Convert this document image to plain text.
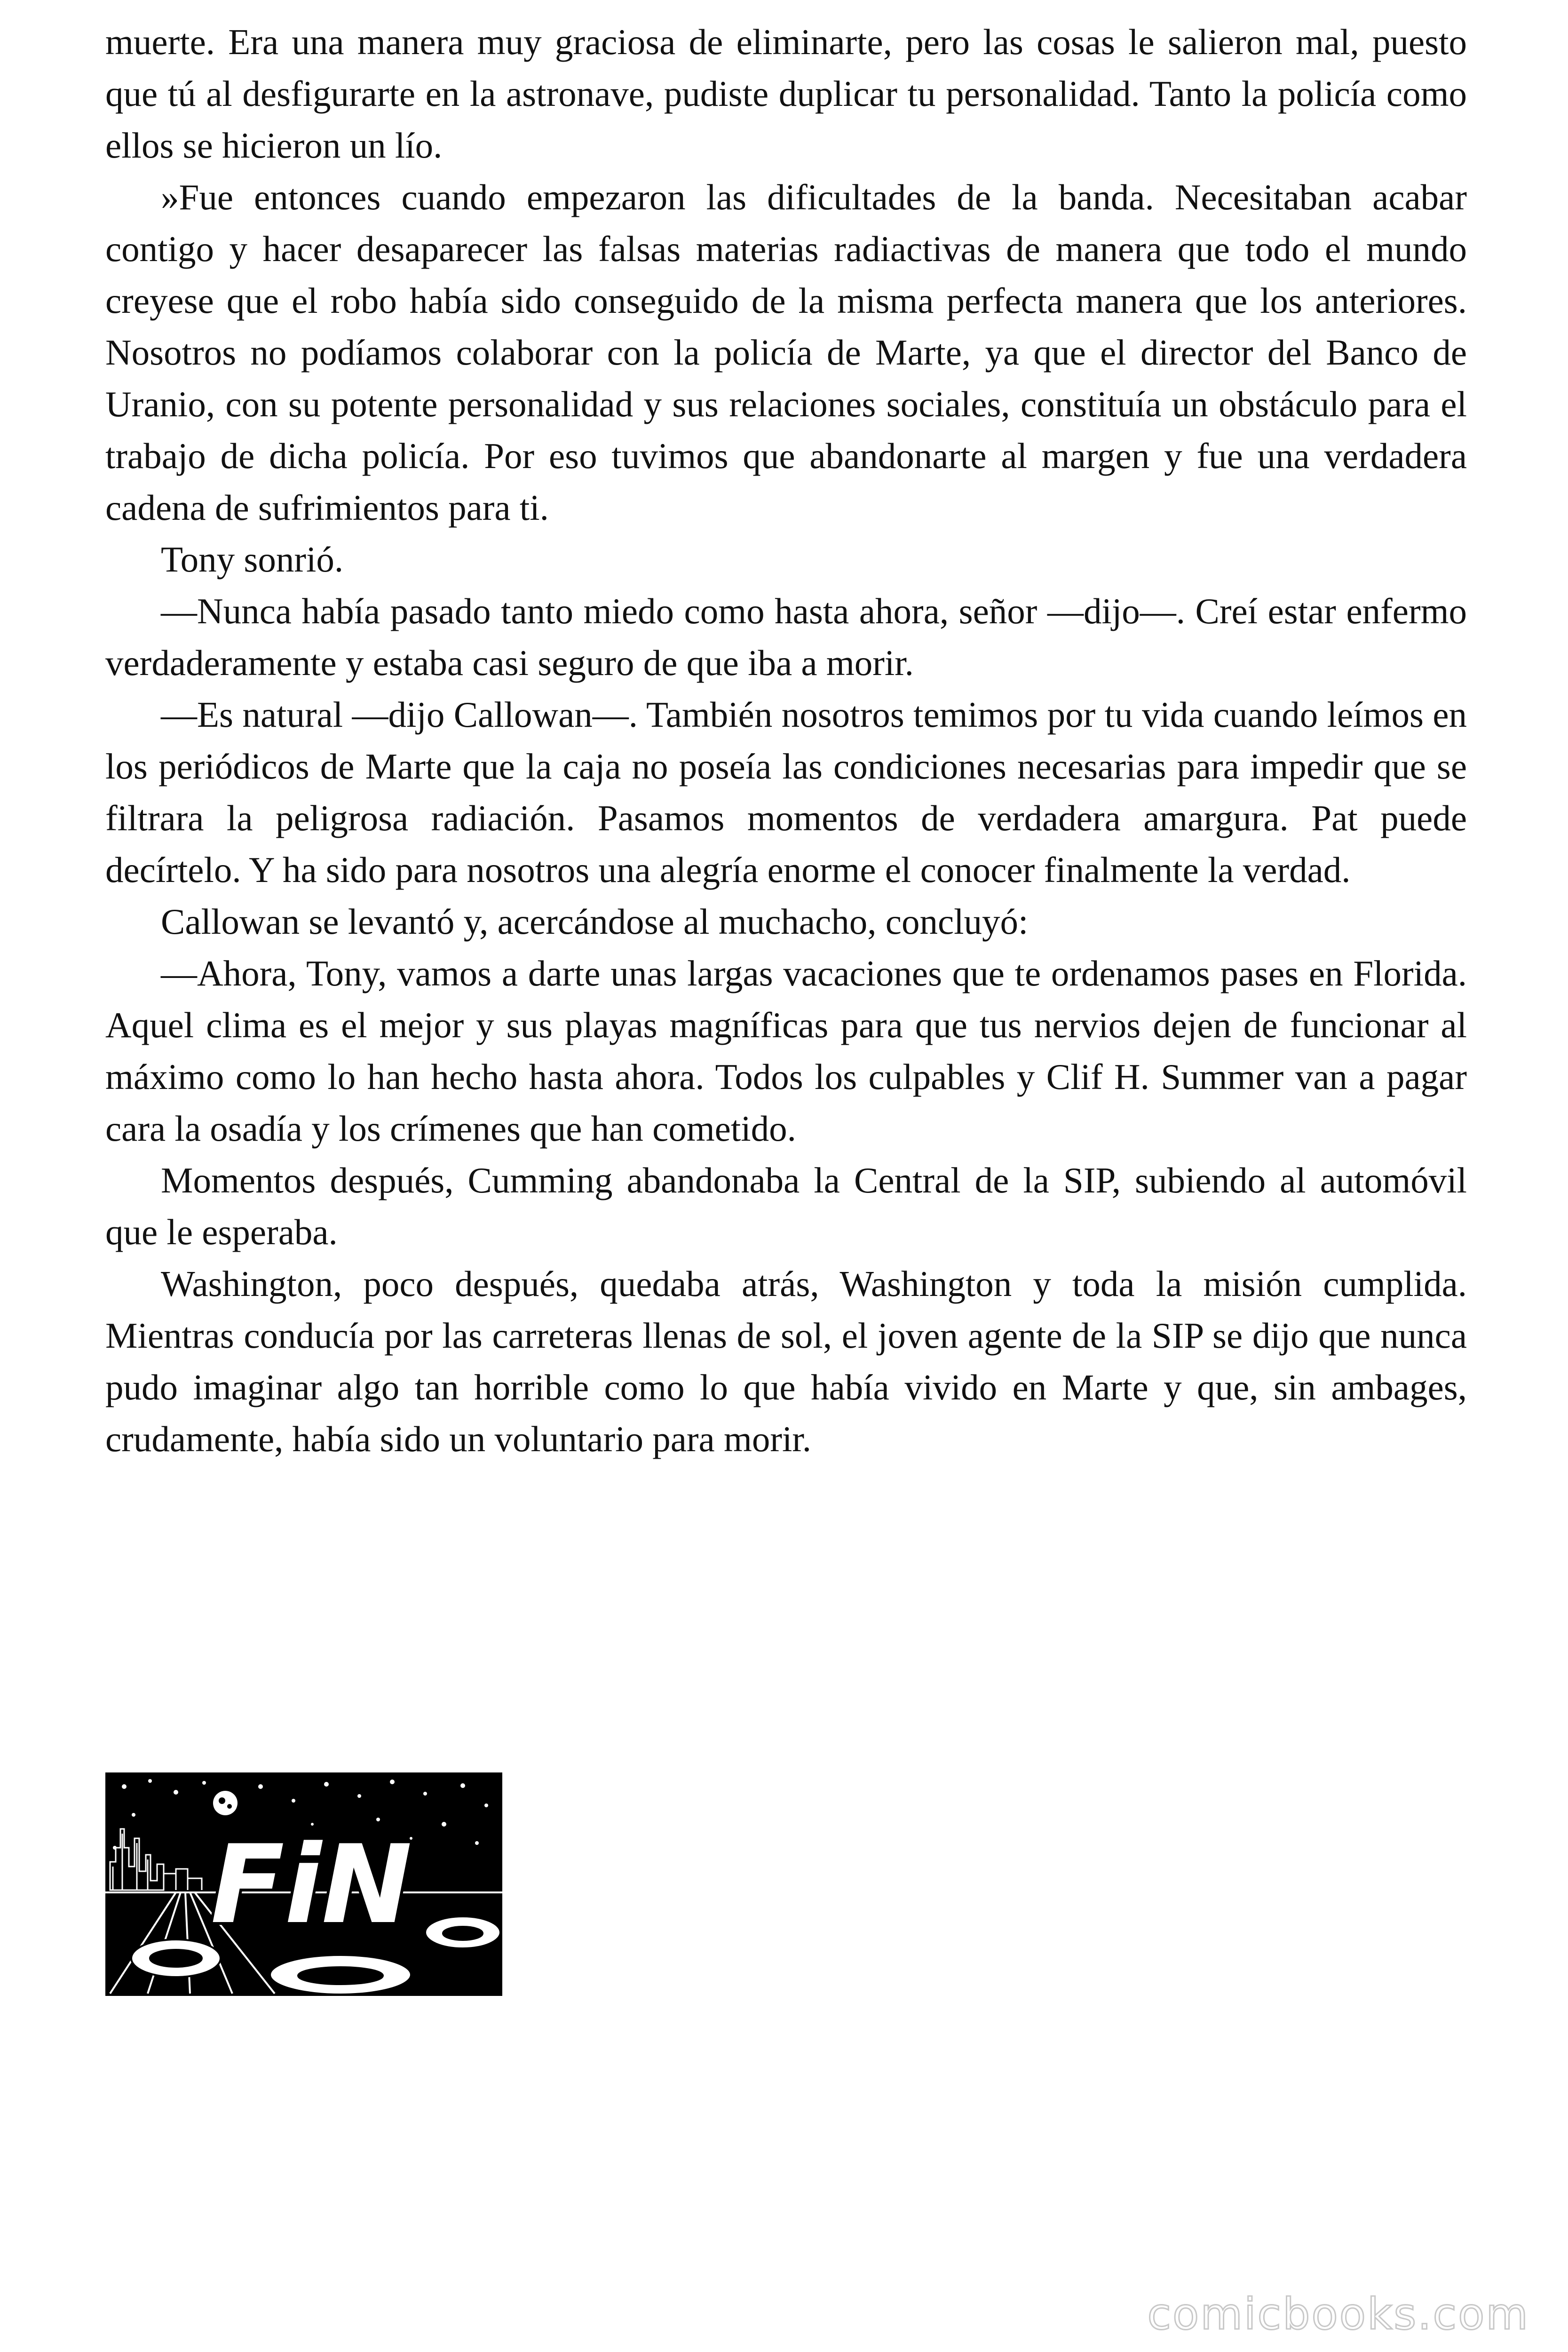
muerte. Era una manera muy graciosa de eliminarte, pero las cosas le salieron mal, puesto que tú al desfigurarte en la astronave, pudiste duplicar tu personalidad. Tanto la policía como ellos se hicieron un lío.

»Fue entonces cuando empezaron las dificultades de la banda. Necesitaban acabar contigo y hacer desaparecer las falsas materias radiactivas de manera que todo el mundo creyese que el robo había sido conseguido de la misma perfecta manera que los anteriores. Nosotros no podíamos colaborar con la policía de Marte, ya que el director del Banco de Uranio, con su potente personalidad y sus relaciones sociales, constituía un obstáculo para el trabajo de dicha policía. Por eso tuvimos que abandonarte al margen y fue una verdadera cadena de sufrimientos para ti.

Tony sonrió.

—Nunca había pasado tanto miedo como hasta ahora, señor —dijo—. Creí estar enfermo verdaderamente y estaba casi seguro de que iba a morir.

—Es natural —dijo Callowan—. También nosotros temimos por tu vida cuando leímos en los periódicos de Marte que la caja no poseía las condiciones necesarias para impedir que se filtrara la peligrosa radiación. Pasamos momentos de verdadera amargura. Pat puede decírtelo. Y ha sido para nosotros una alegría enorme el conocer finalmente la verdad.

Callowan se levantó y, acercándose al muchacho, concluyó:

—Ahora, Tony, vamos a darte unas largas vacaciones que te ordenamos pases en Florida. Aquel clima es el mejor y sus playas magníficas para que tus nervios dejen de funcionar al máximo como lo han hecho hasta ahora. Todos los culpables y Clif H. Summer van a pagar cara la osadía y los crímenes que han cometido.

Momentos después, Cumming abandonaba la Central de la SIP, subiendo al automóvil que le esperaba.

Washington, poco después, quedaba atrás, Washington y toda la misión cumplida. Mientras conducía por las carreteras llenas de sol, el joven agente de la SIP se dijo que nunca pudo imaginar algo tan horrible como lo que había vivido en Marte y que, sin ambages, crudamente, había sido un voluntario para morir.

FiN
comicbooks.com
